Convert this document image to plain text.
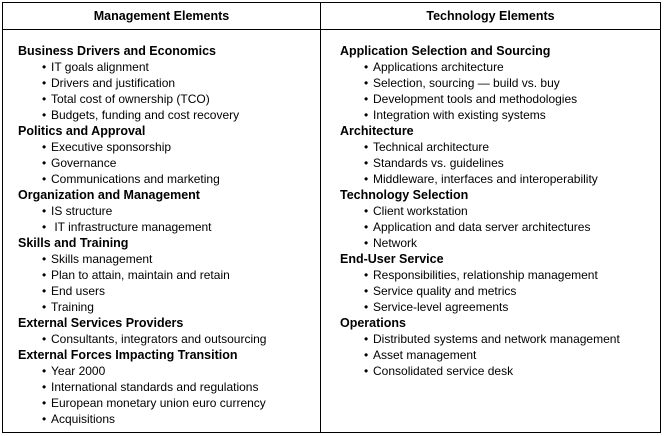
Management Elements
Business Drivers and Economics
• IT goals alignment
• Drivers and justification
• Total cost of ownership (TCO)
• Budgets, funding and cost recovery
Politics and Approval
• Executive sponsorship
• Governance
• Communications and marketing
Organization and Management
• IS structure
• IT infrastructure management
Skills and Training
• Skills management
• Plan to attain, maintain and retain
• End users
• Training
External Services Providers
• Consultants, integrators and outsourcing
External Forces Impacting Transition
• Year 2000
• International standards and regulations
• European monetary union euro currency
• Acquisitions
Technology Elements
Application Selection and Sourcing
• Applications architecture
• Selection, sourcing — build vs. buy
• Development tools and methodologies
• Integration with existing systems
Architecture
• Technical architecture
• Standards vs. guidelines
• Middleware, interfaces and interoperability
Technology Selection
• Client workstation
• Application and data server architectures
• Network
End-User Service
• Responsibilities, relationship management
• Service quality and metrics
• Service-level agreements
Operations
• Distributed systems and network management
• Asset management
• Consolidated service desk
